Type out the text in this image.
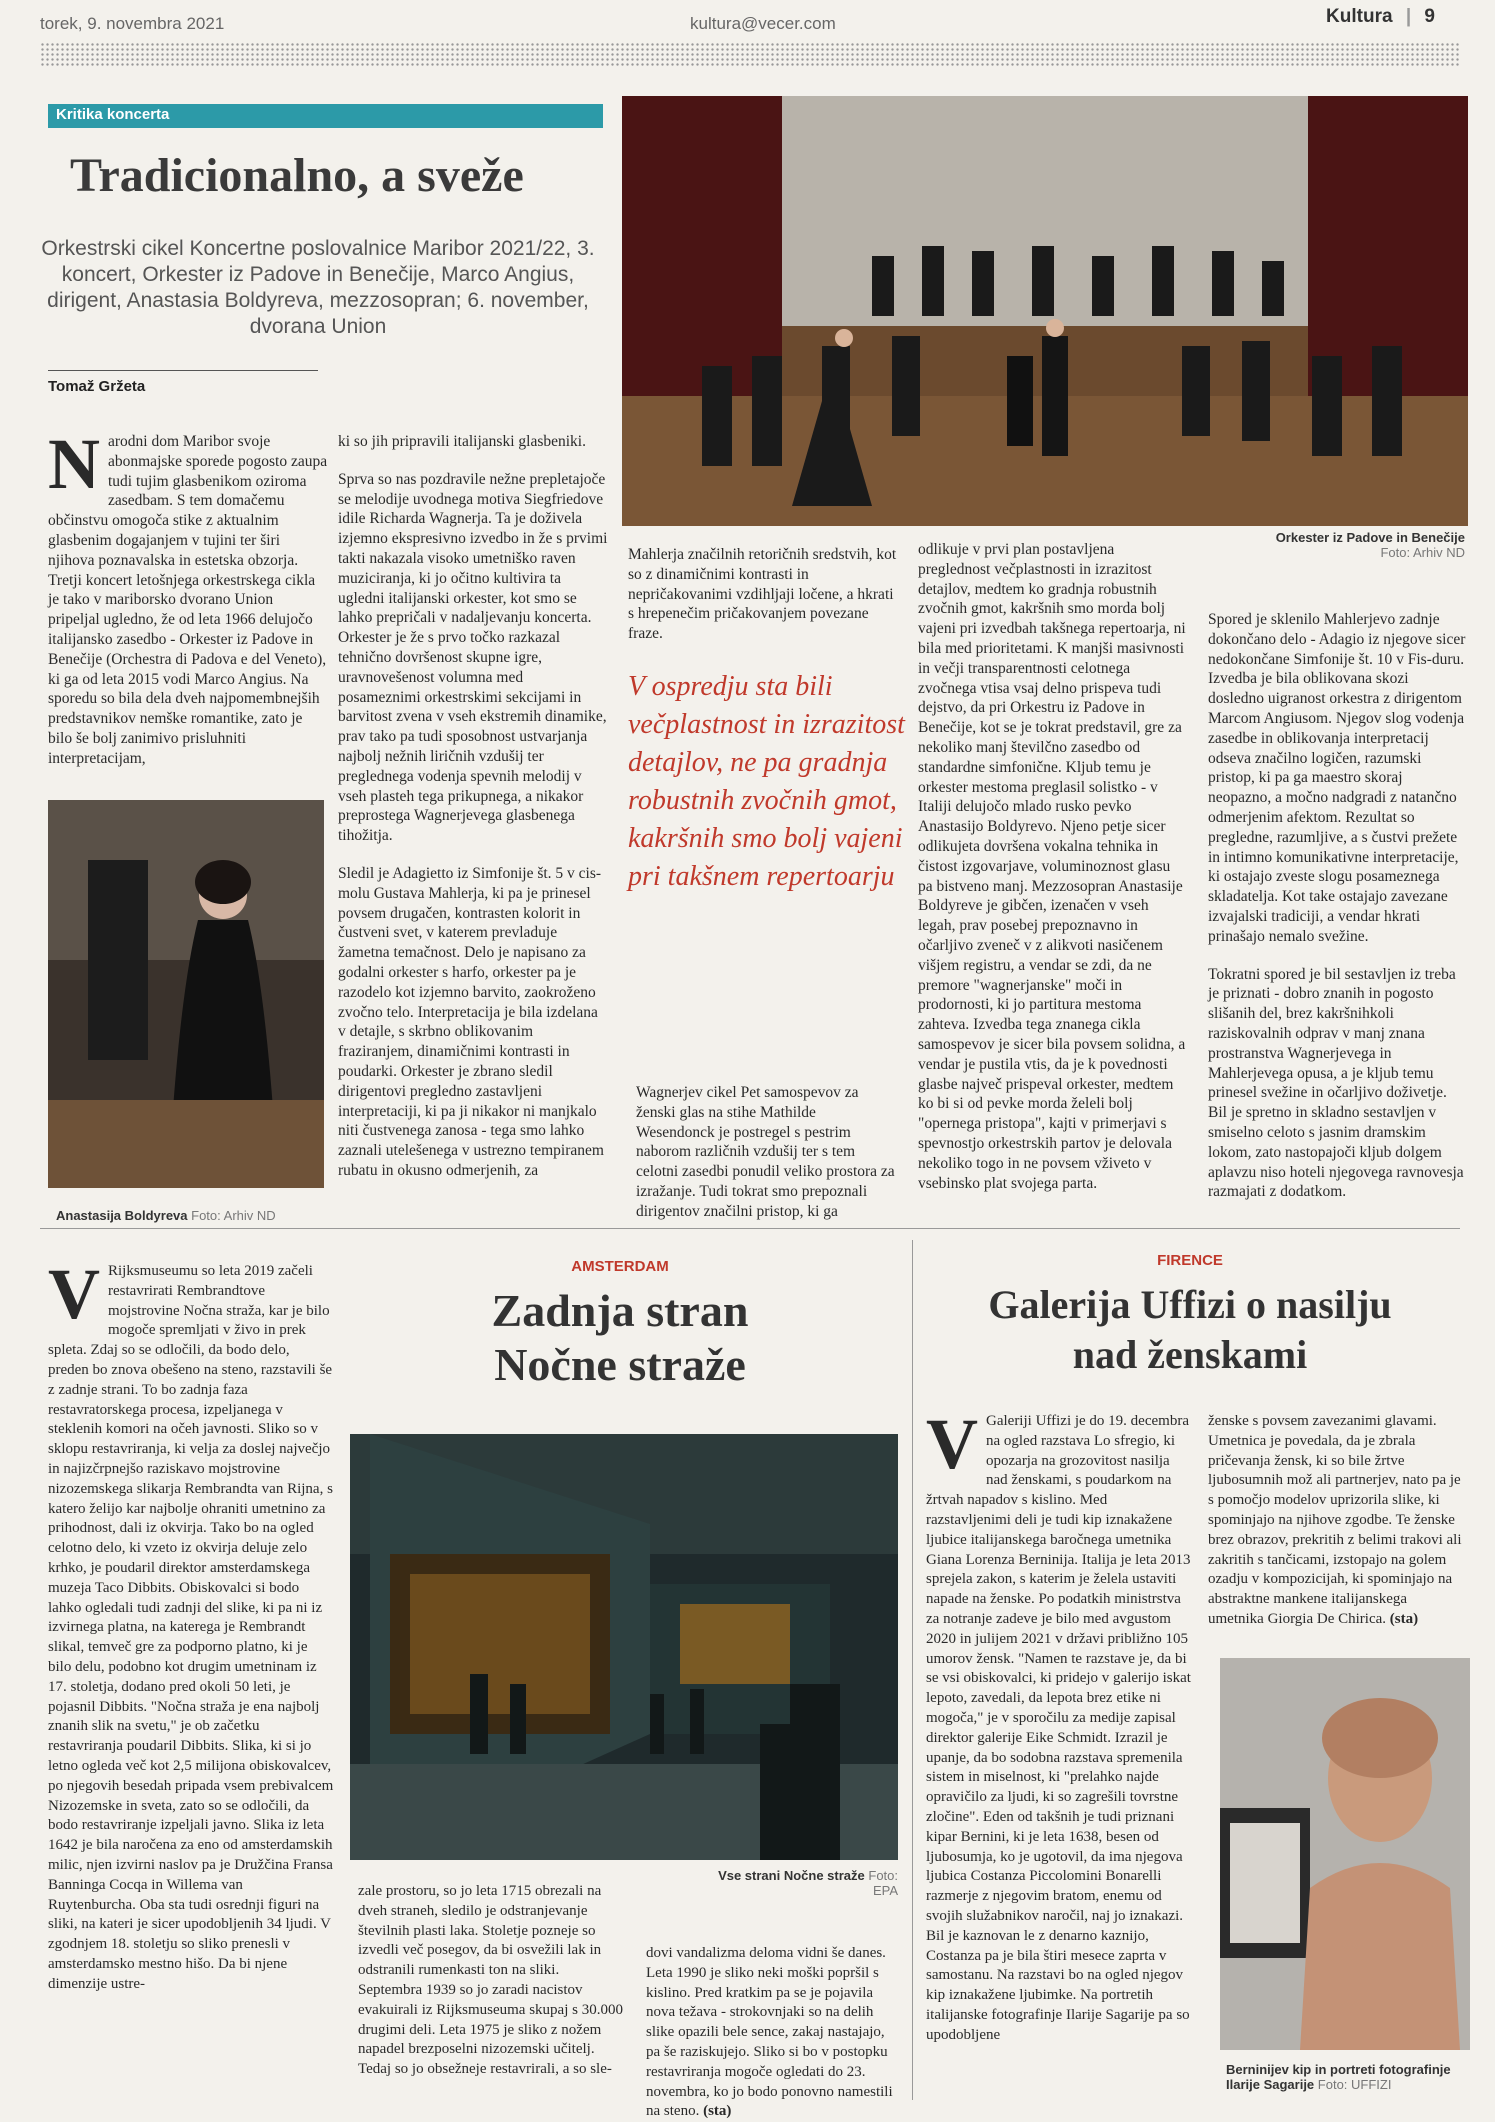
torek, 9. novembra 2021	kultura@vecer.com	Kultura | 9
Kritika koncerta
Tradicionalno, a sveže
Orkestrski cikel Koncertne poslovalnice Maribor 2021/22, 3. koncert, Orkester iz Padove in Benečije, Marco Angius, dirigent, Anastasia Boldyreva, mezzosopran; 6. november, dvorana Union
Tomaž Gržeta
Orkester iz Padove in Benečije
Foto: Arhiv ND
N arodni dom Maribor svoje abonmajske sporede pogosto zaupa tudi tujim glasbenikom oziroma zasedbam. S tem domačemu občinstvu omogoča stike z aktualnim glasbenim dogajanjem v tujini ter širi njihova poznavalska in estetska obzorja. Tretji koncert letošnjega orkestrskega cikla je tako v mariborsko dvorano Union pripeljal ugledno, že od leta 1966 delujočo italijansko zasedbo - Orkester iz Padove in Benečije (Orchestra di Padova e del Veneto), ki ga od leta 2015 vodi Marco Angius. Na sporedu so bila dela dveh najpomembnejših predstavnikov nemške romantike, zato je bilo še bolj zanimivo prisluhniti interpretacijam,
Anastasija Boldyreva Foto: Arhiv ND

ki so jih pripravili italijanski glasbeniki.

Sprva so nas pozdravile nežne prepletajoče se melodije uvodnega motiva Siegfriedove idile Richarda Wagnerja. Ta je doživela izjemno ekspresivno izvedbo in že s prvimi takti nakazala visoko umetniško raven muziciranja, ki jo očitno kultivira ta ugledni italijanski orkester, kot smo se lahko prepričali v nadaljevanju koncerta. Orkester je že s prvo točko razkazal tehnično dovršenost skupne igre, uravnovešenost volumna med posameznimi orkestrskimi sekcijami in barvitost zvena v vseh ekstremih dinamike, prav tako pa tudi sposobnost ustvarjanja najbolj nežnih liričnih vzdušij ter preglednega vodenja spevnih melodij v vseh plasteh tega prikupnega, a nikakor preprostega Wagnerjevega glasbenega tihožitja.

Sledil je Adagietto iz Simfonije št. 5 v cis-molu Gustava Mahlerja, ki pa je prinesel povsem drugačen, kontrasten kolorit in čustveni svet, v katerem prevladuje žametna temačnost. Delo je napisano za godalni orkester s harfo, orkester pa je razodelo kot izjemno barvito, zaokroženo zvočno telo. Interpretacija je bila izdelana v detajle, s skrbno oblikovanim fraziranjem, dinamičnimi kontrasti in poudarki. Orkester je zbrano sledil dirigentovi pregledno zastavljeni interpretaciji, ki pa ji nikakor ni manjkalo niti čustvenega zanosa - tega smo lahko zaznali utelešenega v ustrezno tempiranem rubatu in okusno odmerjenih, za

Mahlerja značilnih retoričnih sredstvih, kot so z dinamičnimi kontrasti in nepričakovanimi vzdihljaji ločene, a hkrati s hrepenečim pričakovanjem povezane fraze.
V ospredju sta bili večplastnost in izrazitost detajlov, ne pa gradnja robustnih zvočnih gmot, kakršnih smo bolj vajeni pri takšnem repertoarju
Wagnerjev cikel Pet samospevov za ženski glas na stihe Mathilde Wesendonck je postregel s pestrim naborom različnih vzdušij ter s tem celotni zasedbi ponudil veliko prostora za izražanje. Tudi tokrat smo prepoznali dirigentov značilni pristop, ki ga
odlikuje v prvi plan postavljena preglednost večplastnosti in izrazitost detajlov, medtem ko gradnja robustnih zvočnih gmot, kakršnih smo morda bolj vajeni pri izvedbah takšnega repertoarja, ni bila med prioritetami. K manjši masivnosti in večji transparentnosti celotnega zvočnega vtisa vsaj delno prispeva tudi dejstvo, da pri Orkestru iz Padove in Benečije, kot se je tokrat predstavil, gre za nekoliko manj številčno zasedbo od standardne simfonične. Kljub temu je orkester mestoma preglasil solistko - v Italiji delujočo mlado rusko pevko Anastasijo Boldyrevo. Njeno petje sicer odlikujeta dovršena vokalna tehnika in čistost izgovarjave, voluminoznost glasu pa bistveno manj. Mezzosopran Anastasije Boldyreve je gibčen, izenačen v vseh legah, prav posebej prepoznavno in očarljivo zveneč v z alikvoti nasičenem višjem registru, a vendar se zdi, da ne premore "wagnerjanske" moči in prodornosti, ki jo partitura mestoma zahteva. Izvedba tega znanega cikla samospevov je sicer bila povsem solidna, a vendar je pustila vtis, da je k povednosti glasbe največ prispeval orkester, medtem ko bi si od pevke morda želeli bolj "opernega pristopa", kajti v primerjavi s spevnostjo orkestrskih partov je delovala nekoliko togo in ne povsem vživeto v vsebinsko plat svojega parta.

Spored je sklenilo Mahlerjevo zadnje dokončano delo - Adagio iz njegove sicer nedokončane Simfonije št. 10 v Fis-duru. Izvedba je bila oblikovana skozi dosledno uigranost orkestra z dirigentom Marcom Angiusom. Njegov slog vodenja zasedbe in oblikovanja interpretacij odseva značilno logičen, razumski pristop, ki pa ga maestro skoraj neopazno, a močno nadgradi z natančno odmerjenim afektom. Rezultat so pregledne, razumljive, a s čustvi prežete in intimno komunikativne interpretacije, ki ostajajo zveste slogu posameznega skladatelja. Kot take ostajajo zavezane izvajalski tradiciji, a vendar hkrati prinašajo nemalo svežine.

Tokratni spored je bil sestavljen iz treba je priznati - dobro znanih in pogosto slišanih del, brez kakršnihkoli raziskovalnih odprav v manj znana prostranstva Wagnerjevega in Mahlerjevega opusa, a je kljub temu prinesel svežine in očarljivo doživetje. Bil je spretno in skladno sestavljen v smiselno celoto s jasnim dramskim lokom, zato nastopajoči kljub dolgem aplavzu niso hoteli njegovega ravnovesja razmajati z dodatkom.

V Rijksmuseumu so leta 2019 začeli restavrirati Rembrandtove mojstrovine Nočna straža, kar je bilo mogoče spremljati v živo in prek spleta. Zdaj so se odločili, da bodo delo, preden bo znova obešeno na steno, razstavili še z zadnje strani. To bo zadnja faza restavratorskega procesa, izpeljanega v steklenih komori na očeh javnosti. Sliko so v sklopu restavriranja, ki velja za doslej največjo in najizčrpnejšo raziskavo mojstrovine nizozemskega slikarja Rembrandta van Rijna, s katero želijo kar najbolje ohraniti umetnino za prihodnost, dali iz okvirja. Tako bo na ogled celotno delo, ki vzeto iz okvirja deluje zelo krhko, je poudaril direktor amsterdamskega muzeja Taco Dibbits. Obiskovalci si bodo lahko ogledali tudi zadnji del slike, ki pa ni iz izvirnega platna, na katerega je Rembrandt slikal, temveč gre za podporno platno, ki je bilo delu, podobno kot drugim umetninam iz 17. stoletja, dodano pred okoli 50 leti, je pojasnil Dibbits. "Nočna straža je ena najbolj znanih slik na svetu," je ob začetku restavriranja poudaril Dibbits. Slika, ki si jo letno ogleda več kot 2,5 milijona obiskovalcev, po njegovih besedah pripada vsem prebivalcem Nizozemske in sveta, zato so se odločili, da bodo restavriranje izpeljali javno. Slika iz leta 1642 je bila naročena za eno od amsterdamskih milic, njen izvirni naslov pa je Družčina Fransa Banninga Cocqa in Willema van Ruytenburcha. Oba sta tudi osrednji figuri na sliki, na kateri je sicer upodobljenih 34 ljudi. V zgodnjem 18. stoletju so sliko prenesli v amsterdamsko mestno hišo. Da bi njene dimenzije ustre-
AMSTERDAM
Zadnja stran
Nočne straže
Vse strani Nočne straže Foto: EPA
zale prostoru, so jo leta 1715 obrezali na dveh straneh, sledilo je odstranjevanje številnih plasti laka. Stoletje pozneje so izvedli več posegov, da bi osvežili lak in odstranili rumenkasti ton na sliki. Septembra 1939 so jo zaradi nacistov evakuirali iz Rijksmuseuma skupaj s 30.000 drugimi deli. Leta 1975 je sliko z nožem napadel brezposelni nizozemski učitelj. Tedaj so jo obsežneje restavrirali, a so sle-
dovi vandalizma deloma vidni še danes. Leta 1990 je sliko neki moški popršil s kislino. Pred kratkim pa se je pojavila nova težava - strokovnjaki so na delih slike opazili bele sence, zakaj nastajajo, pa še raziskujejo. Sliko si bo v postopku restavriranja mogoče ogledati do 23. novembra, ko jo bodo ponovno namestili na steno. (sta)
FIRENCE
Galerija Uffizi o nasilju
nad ženskami
V Galeriji Uffizi je do 19. decembra na ogled razstava Lo sfregio, ki opozarja na grozovitost nasilja nad ženskami, s poudarkom na žrtvah napadov s kislino. Med razstavljenimi deli je tudi kip iznakažene ljubice italijanskega baročnega umetnika Giana Lorenza Berninija. Italija je leta 2013 sprejela zakon, s katerim je želela ustaviti napade na ženske. Po podatkih ministrstva za notranje zadeve je bilo med avgustom 2020 in julijem 2021 v državi približno 105 umorov žensk. "Namen te razstave je, da bi se vsi obiskovalci, ki pridejo v galerijo iskat lepoto, zavedali, da lepota brez etike ni mogoča," je v sporočilu za medije zapisal direktor galerije Eike Schmidt. Izrazil je upanje, da bo sodobna razstava spremenila sistem in miselnost, ki "prelahko najde opravičilo za ljudi, ki so zagrešili tovrstne zločine". Eden od takšnih je tudi priznani kipar Bernini, ki je leta 1638, besen od ljubosumja, ko je ugotovil, da ima njegova ljubica Costanza Piccolomini Bonarelli razmerje z njegovim bratom, enemu od svojih služabnikov naročil, naj jo iznakazi. Bil je kaznovan le z denarno kaznijo, Costanza pa je bila štiri mesece zaprta v samostanu. Na razstavi bo na ogled njegov kip iznakažene ljubimke. Na portretih italijanske fotografinje Ilarije Sagarije pa so upodobljene
ženske s povsem zavezanimi glavami. Umetnica je povedala, da je zbrala pričevanja žensk, ki so bile žrtve ljubosumnih mož ali partnerjev, nato pa je s pomočjo modelov uprizorila slike, ki spominjajo na njihove zgodbe. Te ženske brez obrazov, prekritih z belimi trakovi ali zakritih s tančicami, izstopajo na golem ozadju v kompozicijah, ki spominjajo na abstraktne mankene italijanskega umetnika Giorgia De Chirica. (sta)
Berninijev kip in portreti fotografinje Ilarije Sagarije Foto: UFFIZI
